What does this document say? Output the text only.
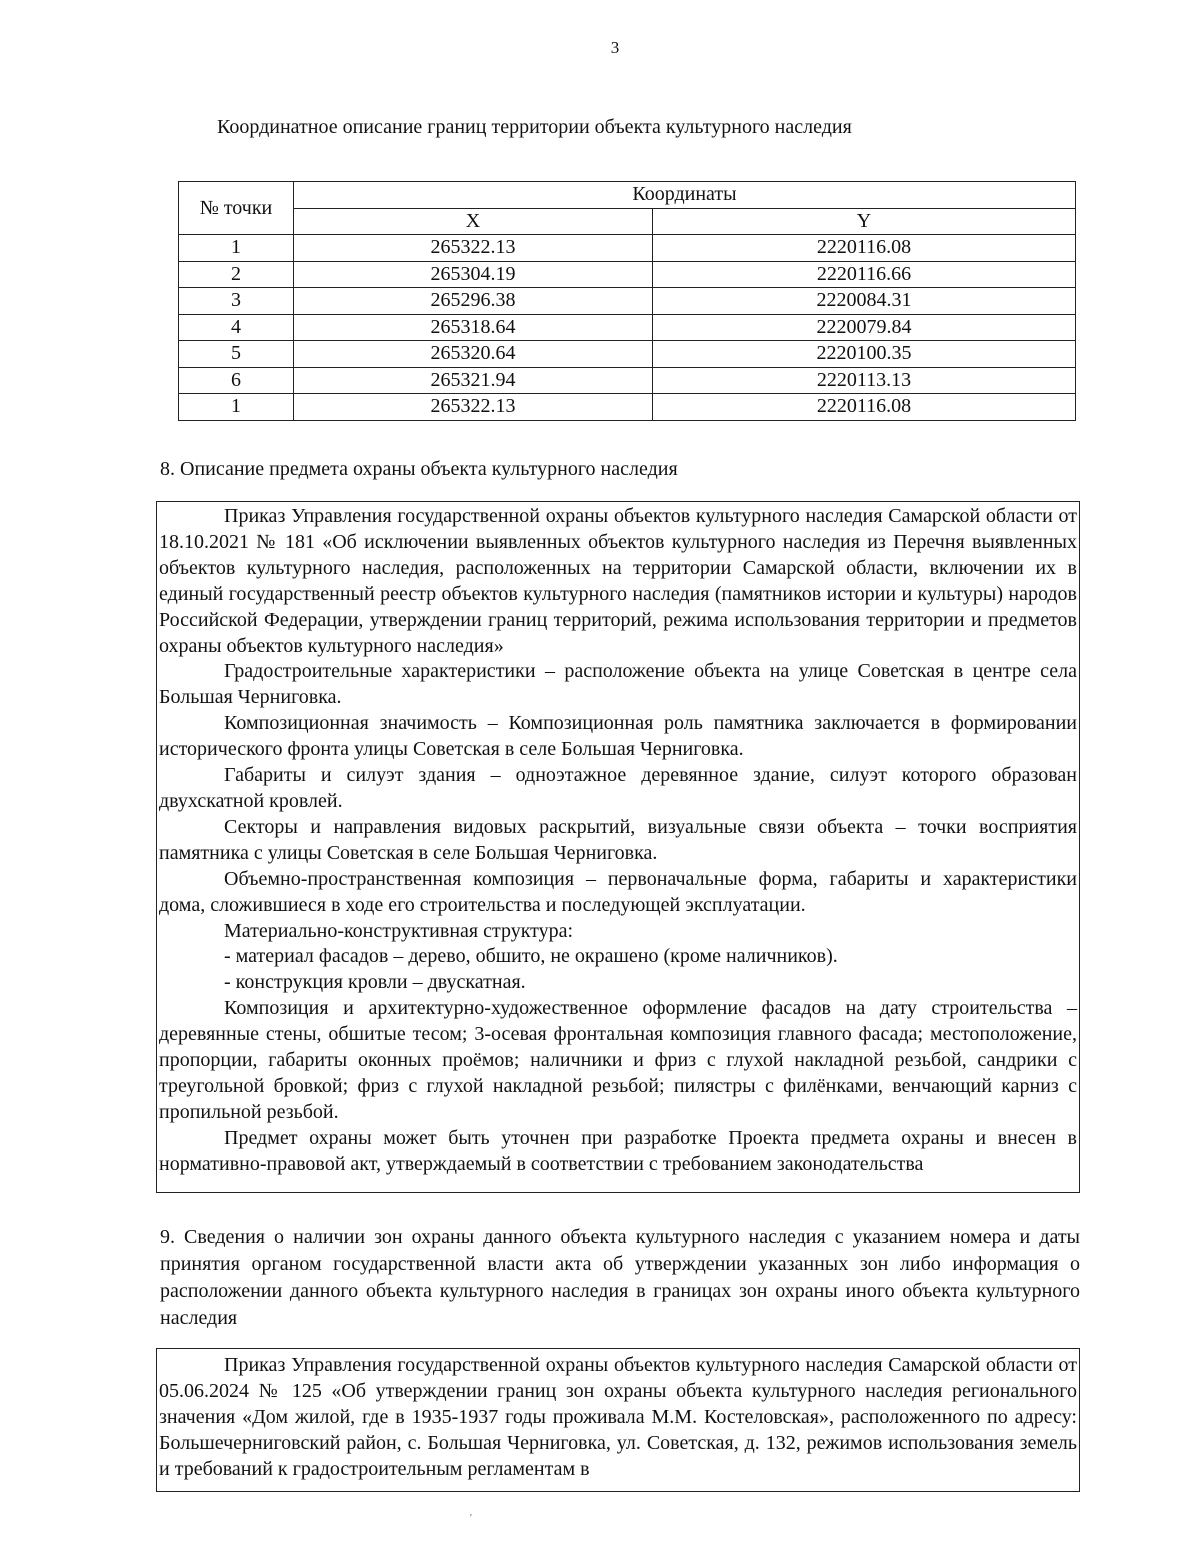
3
Координатное описание границ территории объекта культурного наследия
№ точки	Координаты	
	X	Y
1	265322.13	2220116.08
2	265304.19	2220116.66
3	265296.38	2220084.31
4	265318.64	2220079.84
5	265320.64	2220100.35
6	265321.94	2220113.13
1	265322.13	2220116.08
8. Описание предмета охраны объекта культурного наследия

Приказ Управления государственной охраны объектов культурного наследия Самарской области от 18.10.2021 № 181 «Об исключении выявленных объектов культурного наследия из Перечня выявленных объектов культурного наследия, расположенных на территории Самарской области, включении их в единый государственный реестр объектов культурного наследия (памятников истории и культуры) народов Российской Федерации, утверждении границ территорий, режима использования территории и предметов охраны объектов культурного наследия»

Градостроительные характеристики – расположение объекта на улице Советская в центре села Большая Черниговка.

Композиционная значимость – Композиционная роль памятника заключается в формировании исторического фронта улицы Советская в селе Большая Черниговка.

Габариты и силуэт здания – одноэтажное деревянное здание, силуэт которого образован двухскатной кровлей.

Секторы и направления видовых раскрытий, визуальные связи объекта – точки восприятия памятника с улицы Советская в селе Большая Черниговка.

Объемно-пространственная композиция – первоначальные форма, габариты и характеристики дома, сложившиеся в ходе его строительства и последующей эксплуатации.

Материально-конструктивная структура:

- материал фасадов – дерево, обшито, не окрашено (кроме наличников).

- конструкция кровли – двускатная.

Композиция и архитектурно-художественное оформление фасадов на дату строительства – деревянные стены, обшитые тесом; 3-осевая фронтальная композиция главного фасада; местоположение, пропорции, габариты оконных проёмов; наличники и фриз с глухой накладной резьбой, сандрики с треугольной бровкой; фриз с глухой накладной резьбой; пилястры с филёнками, венчающий карниз с пропильной резьбой.

Предмет охраны может быть уточнен при разработке Проекта предмета охраны и внесен в нормативно-правовой акт, утверждаемый в соответствии с требованием законодательства

9. Сведения о наличии зон охраны данного объекта культурного наследия с указанием номера и даты принятия органом государственной власти акта об утверждении указанных зон либо информация о расположении данного объекта культурного наследия в границах зон охраны иного объекта культурного наследия

Приказ Управления государственной охраны объектов культурного наследия Самарской области от 05.06.2024 № 125 «Об утверждении границ зон охраны объекта культурного наследия регионального значения «Дом жилой, где в 1935-1937 годы проживала М.М. Костеловская», расположенного по адресу: Большечерниговский район, с. Большая Черниговка, ул. Советская, д. 132, режимов использования земель и требований к градостроительным регламентам в

'
